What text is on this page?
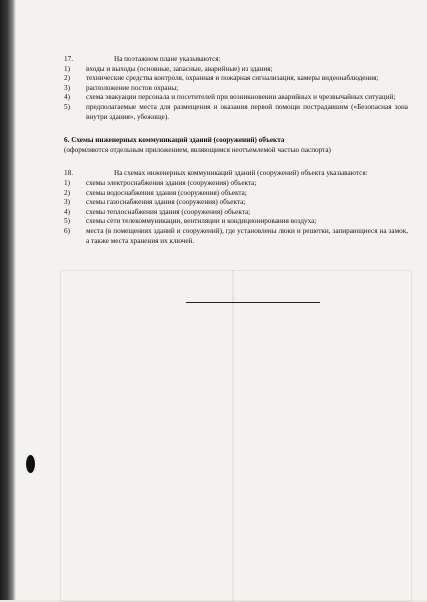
17.	На поэтажном плане указываются:
1)	входы и выходы (основные, запасные, аварийные) из здания;
2)	технические средства контроля, охранная и пожарная сигнализация, камеры видеонаблюдения;
3)	расположение постов охраны;
4)	схема эвакуации персонала и посетителей при возникновении аварийных и чрезвычайных ситуаций;
5)	предполагаемые места для размещения и оказания первой помощи пострадавшим («Безопасная зона внутри здания», убежище).
6. Схемы инженерных коммуникаций зданий (сооружений) объекта
(оформляются отдельным приложением, являющимся неотъемлемой частью паспорта)
18.	На схемах инженерных коммуникаций зданий (сооружений) объекта указываются:
1)	схемы электроснабжения здания (сооружения) объекта;
2)	схемы водоснабжения здания (сооружения) объекта;
3)	схемы газоснабжения здания (сооружения) объекта;
4)	схемы теплоснабжения здания (сооружения) объекта;
5)	схемы сети телекоммуникации, вентиляции и кондиционирования воздуха;
6)	места (в помещениях зданий и сооружений), где установлены люки и решетки, запирающиеся на замок, а также места хранения их ключей.
